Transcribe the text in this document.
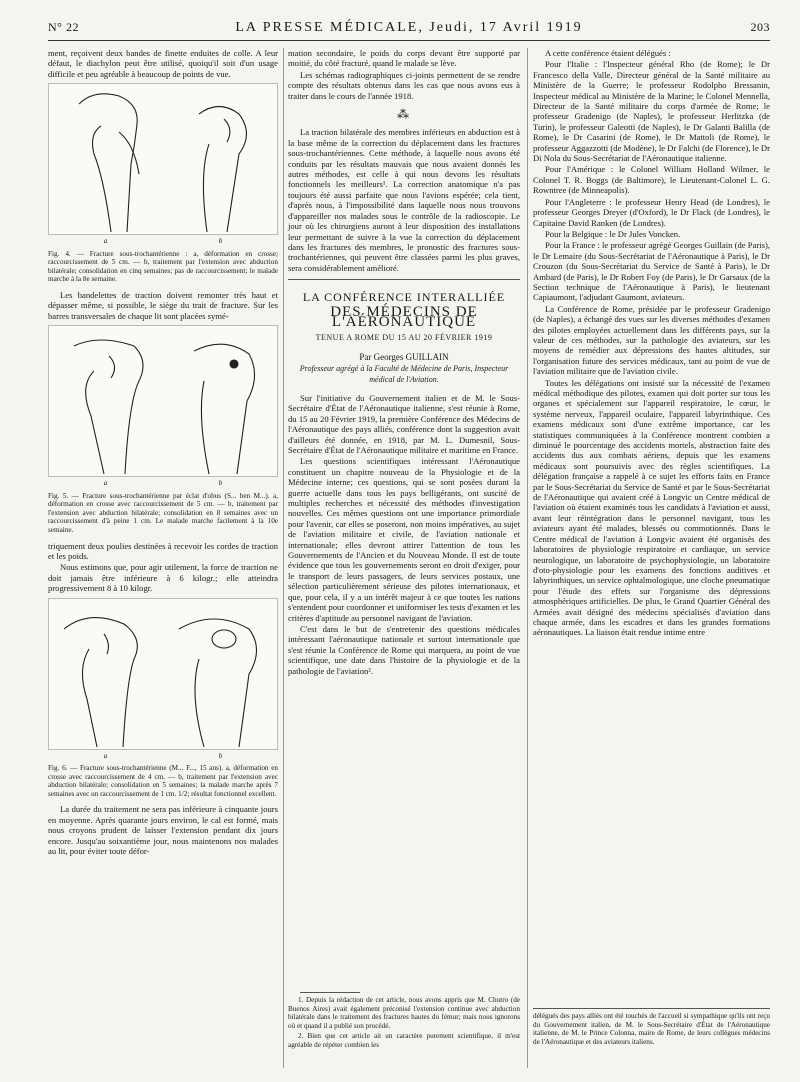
N° 22	LA PRESSE MÉDICALE, Jeudi, 17 Avril 1919	203

ment, reçoivent deux bandes de finette enduites de colle. A leur défaut, le diachylon peut être utilisé, quoiqu'il soit d'un usage difficile et peu agréable à beaucoup de points de vue.

a	b
Fig. 4. — Fracture sous-trochantérienne : a, déformation en crosse; raccourcissement de 5 cm. — b, traitement par l'extension avec abduction bilatérale; consolidation en cinq semaines; pas de raccourcissement; le malade marche à la 8e semaine.

Les bandelettes de traction doivent remonter très haut et dépasser même, si possible, le siège du trait de fracture. Sur les barres transversales de chaque lit sont placées symé-

a	b
Fig. 5. — Fracture sous-trochantérienne par éclat d'obus (S... ben M...). a, déformation en crosse avec raccourcissement de 5 cm. — b, traitement par l'extension avec abduction bilatérale; consolidation en 8 semaines avec un raccourcissement d'à peine 1 cm. Le malade marche facilement à la 10e semaine.

triquement deux poulies destinées à recevoir les cordes de traction et les poids.

Nous estimons que, pour agir utilement, la force de traction ne doit jamais être inférieure à 6 kilogr.; elle atteindra progressivement 8 à 10 kilogr.

a	b
Fig. 6. — Fracture sous-trochantérienne (M... F..., 15 ans). a, déformation en crosse avec raccourcissement de 4 cm. — b, traitement par l'extension avec abduction bilatérale; consolidation en 5 semaines; la malade marche après 7 semaines avec un raccourcissement de 1 cm. 1/2; résultat fonctionnel excellent.

La durée du traitement ne sera pas inférieure à cinquante jours en moyenne. Après quarante jours environ, le cal est formé, mais nous croyons prudent de laisser l'extension pendant dix jours encore. Jusqu'au soixantième jour, nous maintenons nos malades au lit, pour éviter toute défor-

mation secondaire, le poids du corps devant être supporté par moitié, du côté fracturé, quand le malade se lève.

Les schémas radiographiques ci-joints permettent de se rendre compte des résultats obtenus dans les cas que nous avons eus à traiter dans le cours de l'année 1918.

⁂

La traction bilatérale des membres inférieurs en abduction est à la base même de la correction du déplacement dans les fractures sous-trochantériennes. Cette méthode, à laquelle nous avons été conduits par les résultats mauvais que nous avaient donnés les autres méthodes, est celle à qui nous devons les résultats fonctionnels les meilleurs¹. La correction anatomique n'a pas toujours été aussi parfaite que nous l'avions espérée; cela tient, d'après nous, à l'impossibilité dans laquelle nous nous trouvons d'appareiller nos malades sous le contrôle de la radioscopie. Le jour où les chirurgiens auront à leur disposition des installations leur permettant de suivre à la vue la correction du déplacement dans les fractures des membres, le pronostic des fractures sous-trochantériennes, qui peuvent être classées parmi les plus graves, sera considérablement amélioré.

LA CONFÉRENCE INTERALLIÉE
DES MÉDECINS DE L'AÉRONAUTIQUE
TENUE A ROME DU 15 AU 20 FÉVRIER 1919
Par Georges GUILLAIN
Professeur agrégé à la Faculté de Médecine de Paris, Inspecteur médical de l'Aviation.

Sur l'initiative du Gouvernement italien et de M. le Sous-Secrétaire d'État de l'Aéronautique italienne, s'est réunie à Rome, du 15 au 20 Février 1919, la première Conférence des Médecins de l'Aéronautique des pays alliés, conférence dont la suggestion avait d'ailleurs été donnée, en 1918, par M. L. Dumesnil, Sous-Secrétaire d'État de l'Aéronautique militaire et maritime en France.

Les questions scientifiques intéressant l'Aéronautique constituent un chapitre nouveau de la Physiologie et de la Médecine interne; ces questions, qui se sont posées durant la guerre actuelle dans tous les pays belligérants, ont suscité de multiples recherches et nécessité des méthodes d'investigation nouvelles. Ces mêmes questions ont une importance primordiale pour l'avenir, car elles se poseront, non moins impératives, au sujet de l'aviation militaire et civile, de l'aviation nationale et internationale; elles devront attirer l'attention de tous les Gouvernements de l'Ancien et du Nouveau Monde. Il est de toute évidence que tous les gouvernements seront en droit d'exiger, pour le transport de leurs passagers, de leurs services postaux, une sélection particulièrement sérieuse des pilotes internationaux, et que, pour cela, il y a un intérêt majeur à ce que toutes les nations s'entendent pour coordonner et uniformiser les tests d'examen et les critères d'aptitude au personnel navigant de l'aviation.

C'est dans le but de s'entretenir des questions médicales intéressant l'aéronautique nationale et surtout internationale que s'est réunie la Conférence de Rome qui marquera, au point de vue scientifique, une date dans l'histoire de la physiologie et de la pathologie de l'aviation².

1. Depuis la rédaction de cet article, nous avons appris que M. Chutro (de Buenos Aires) avait également préconisé l'extension continue avec abduction bilatérale dans le traitement des fractures hautes du fémur; mais nous ignorons où et quand il a publié son procédé.

2. Bien que cet article ait un caractère purement scientifique, il m'est agréable de répéter combien les

A cette conférence étaient délégués :

Pour l'Italie : l'Inspecteur général Rho (de Rome); le Dr Francesco della Valle, Directeur général de la Santé militaire au Ministère de la Guerre; le professeur Rodolpho Bressanin, Inspecteur médical au Ministère de la Marine; le Colonel Mennella, Directeur de la Santé militaire du corps d'armée de Rome; le professeur Gradenigo (de Naples), le professeur Herlitzka (de Turin), le professeur Galeotti (de Naples), le Dr Galanti Balilla (de Rome), le Dr Casarini (de Rome), le Dr Mattoli (de Rome), le professeur Aggazzotti (de Modène), le Dr Falchi (de Florence), le Dr Di Nola du Sous-Secrétariat de l'Aéronautique italienne.

Pour l'Amérique : le Colonel William Holland Wilmer, le Colonel T. R. Boggs (de Baltimore), le Lieutenant-Colonel L. G. Rowntree (de Minneapolis).

Pour l'Angleterre : le professeur Henry Head (de Londres), le professeur Georges Dreyer (d'Oxford), le Dr Flack (de Londres), le Capitaine David Ranken (de Londres).

Pour la Belgique : le Dr Jules Voncken.

Pour la France : le professeur agrégé Georges Guillain (de Paris), le Dr Lemaire (du Sous-Secrétariat de l'Aéronautique à Paris), le Dr Crouzon (du Sous-Secrétariat du Service de Santé à Paris), le Dr Ambard (de Paris), le Dr Robert Foy (de Paris), le Dr Garsaux (de la Section technique de l'Aéronautique à Paris), le lieutenant Capiaumont, l'adjudant Gaumont, aviateurs.

La Conférence de Rome, présidée par le professeur Gradenigo (de Naples), a échangé des vues sur les diverses méthodes d'examen des pilotes employées actuellement dans les différents pays, sur la valeur de ces méthodes, sur la pathologie des aviateurs, sur les moyens de remédier aux dépressions des hautes altitudes, sur l'organisation future des services médicaux, tant au point de vue de l'aviation militaire que de l'aviation civile.

Toutes les délégations ont insisté sur la nécessité de l'examen médical méthodique des pilotes, examen qui doit porter sur tous les organes et spécialement sur l'appareil respiratoire, le cœur, le système nerveux, l'appareil oculaire, l'appareil labyrinthique. Ces examens médicaux sont d'une extrême importance, car les statistiques communiquées à la Conférence montrent combien a diminué le pourcentage des accidents mortels, abstraction faite des accidents dus aux combats aériens, depuis que les examens médicaux sont poursuivis avec des règles scientifiques. La délégation française a rappelé à ce sujet les efforts faits en France par le Sous-Secrétariat du Service de Santé et par le Sous-Secrétariat de l'Aéronautique qui avaient créé à Longvic un Centre médical de l'aviation où étaient examinés tous les candidats à l'aviation et aussi, avant leur réintégration dans le personnel navigant, tous les aviateurs ayant été malades, blessés ou commotionnés. Dans le Centre médical de l'aviation à Longvic avaient été organisés des laboratoires de physiologie respiratoire et cardiaque, un service neurologique, un laboratoire de psychophysiologie, un laboratoire d'oto-physiologie pour les examens des fonctions auditives et labyrinthiques, un service ophtalmologique, une cloche pneumatique pour l'étude des effets sur l'organisme des dépressions atmosphériques artificielles. De plus, le Grand Quartier Général des Armées avait désigné des médecins spécialisés d'aviation dans chaque armée, dans les escadres et dans les grandes formations aéronautiques. La liaison était rendue intime entre

délégués des pays alliés ont été touchés de l'accueil si sympathique qu'ils ont reçu du Gouvernement italien, de M. le Sous-Secrétaire d'État de l'Aéronautique italienne, de M. le Prince Colonna, maire de Rome, de leurs collègues médecins de l'Aéronautique et des aviateurs italiens.
